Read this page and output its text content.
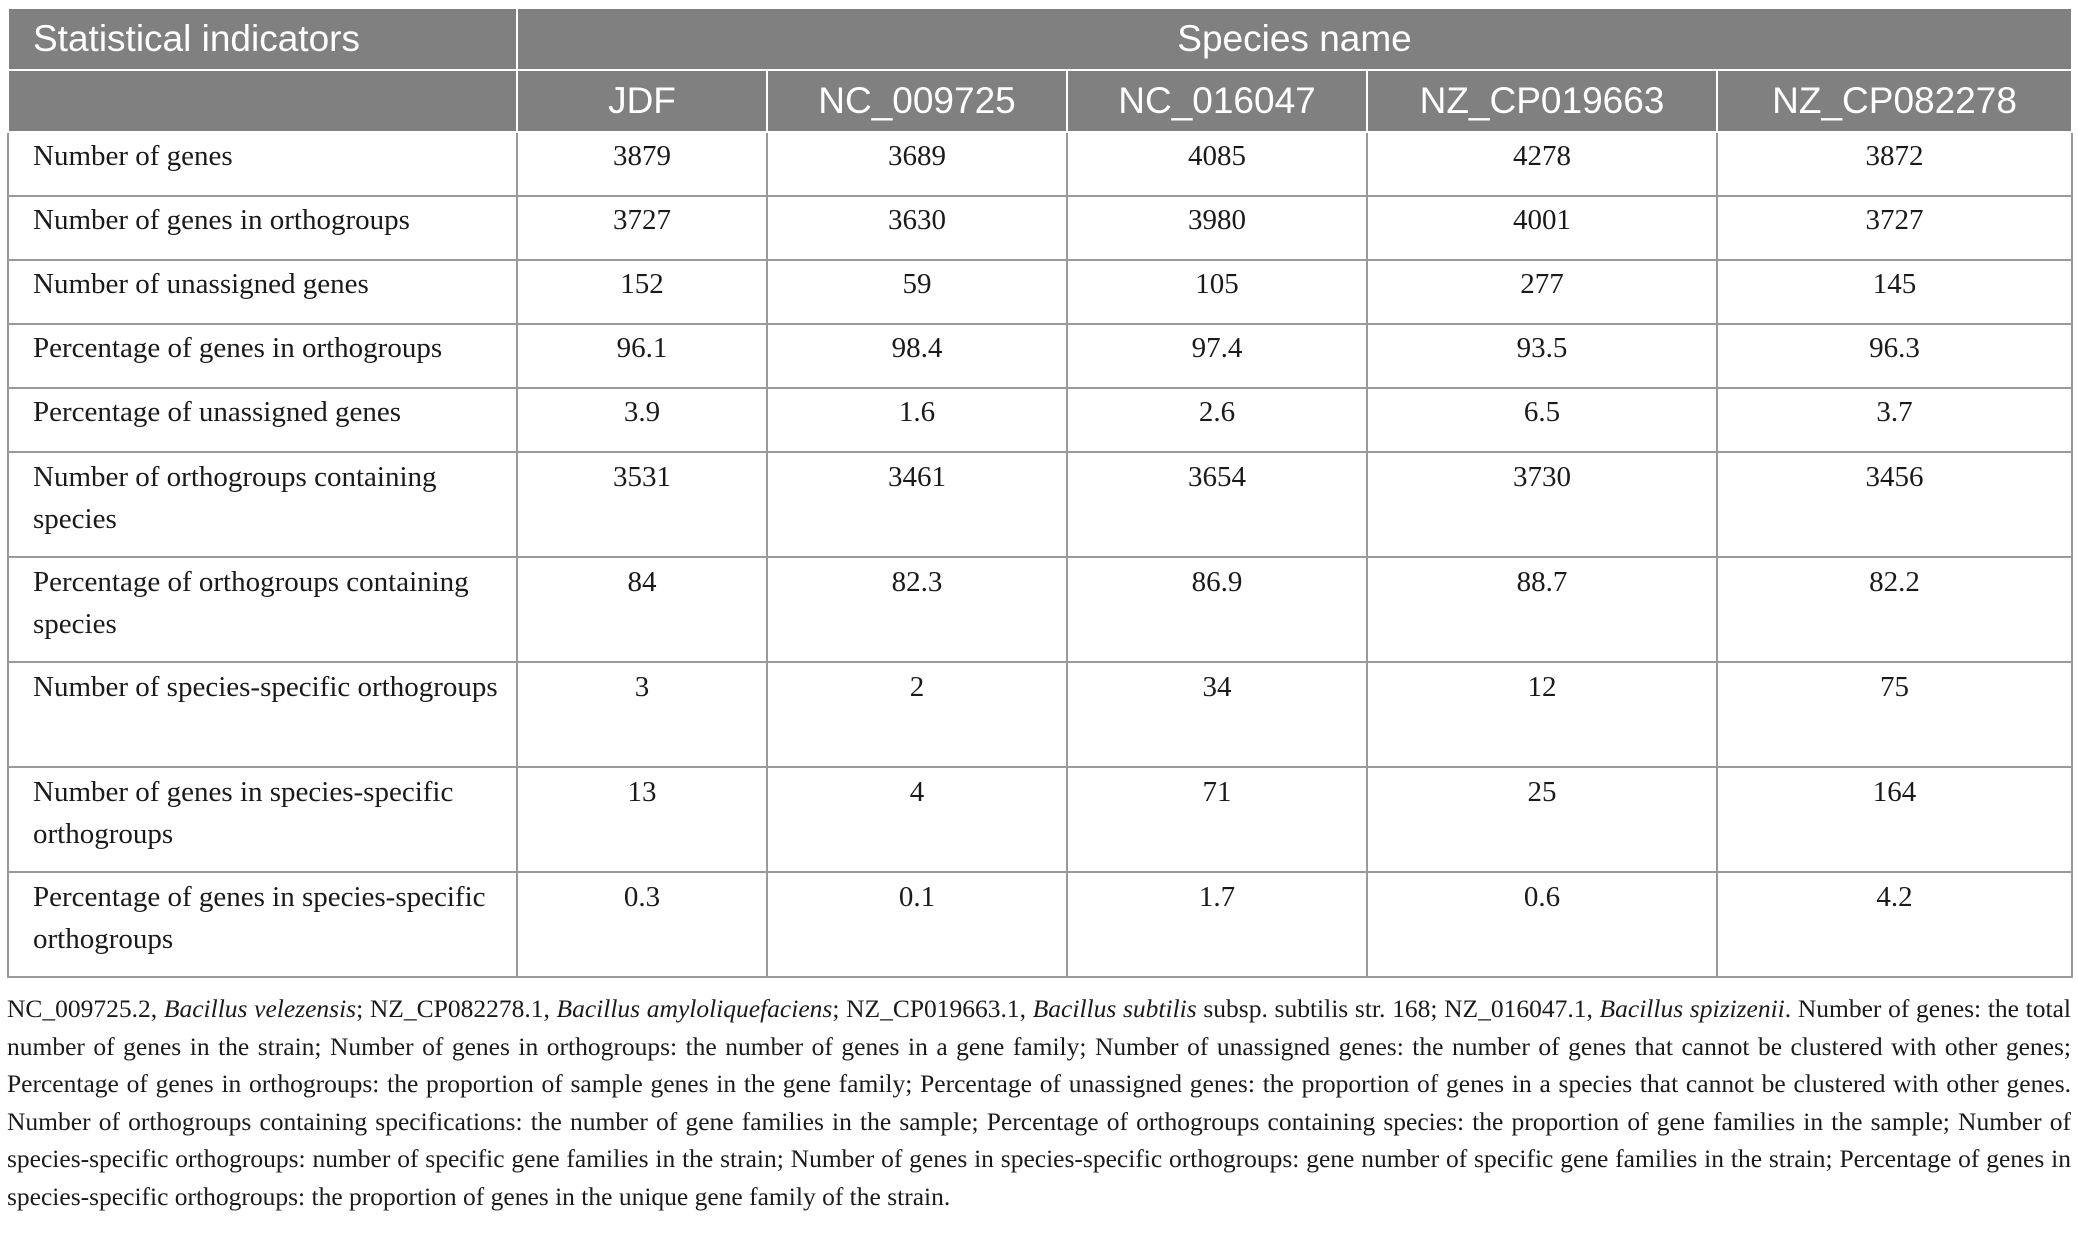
Statistical indicators	Species name				
	JDF	NC_009725	NC_016047	NZ_CP019663	NZ_CP082278
Number of genes	3879	3689	4085	4278	3872
Number of genes in orthogroups	3727	3630	3980	4001	3727
Number of unassigned genes	152	59	105	277	145
Percentage of genes in orthogroups	96.1	98.4	97.4	93.5	96.3
Percentage of unassigned genes	3.9	1.6	2.6	6.5	3.7
Number of orthogroups containing species	3531	3461	3654	3730	3456
Percentage of orthogroups containing species	84	82.3	86.9	88.7	82.2
Number of species-specific orthogroups	3	2	34	12	75
Number of genes in species-specific orthogroups	13	4	71	25	164
Percentage of genes in species-specific orthogroups	0.3	0.1	1.7	0.6	4.2

NC_009725.2, Bacillus velezensis; NZ_CP082278.1, Bacillus amyloliquefaciens; NZ_CP019663.1, Bacillus subtilis subsp. subtilis str. 168; NZ_016047.1, Bacillus spizizenii. Number of genes: the total number of genes in the strain; Number of genes in orthogroups: the number of genes in a gene family; Number of unassigned genes: the number of genes that cannot be clustered with other genes; Percentage of genes in orthogroups: the proportion of sample genes in the gene family; Percentage of unassigned genes: the proportion of genes in a species that cannot be clustered with other genes. Number of orthogroups containing specifications: the number of gene families in the sample; Percentage of orthogroups containing species: the proportion of gene families in the sample; Number of species-specific orthogroups: number of specific gene families in the strain; Number of genes in species-specific orthogroups: gene number of specific gene families in the strain; Percentage of genes in species-specific orthogroups: the proportion of genes in the unique gene family of the strain.
